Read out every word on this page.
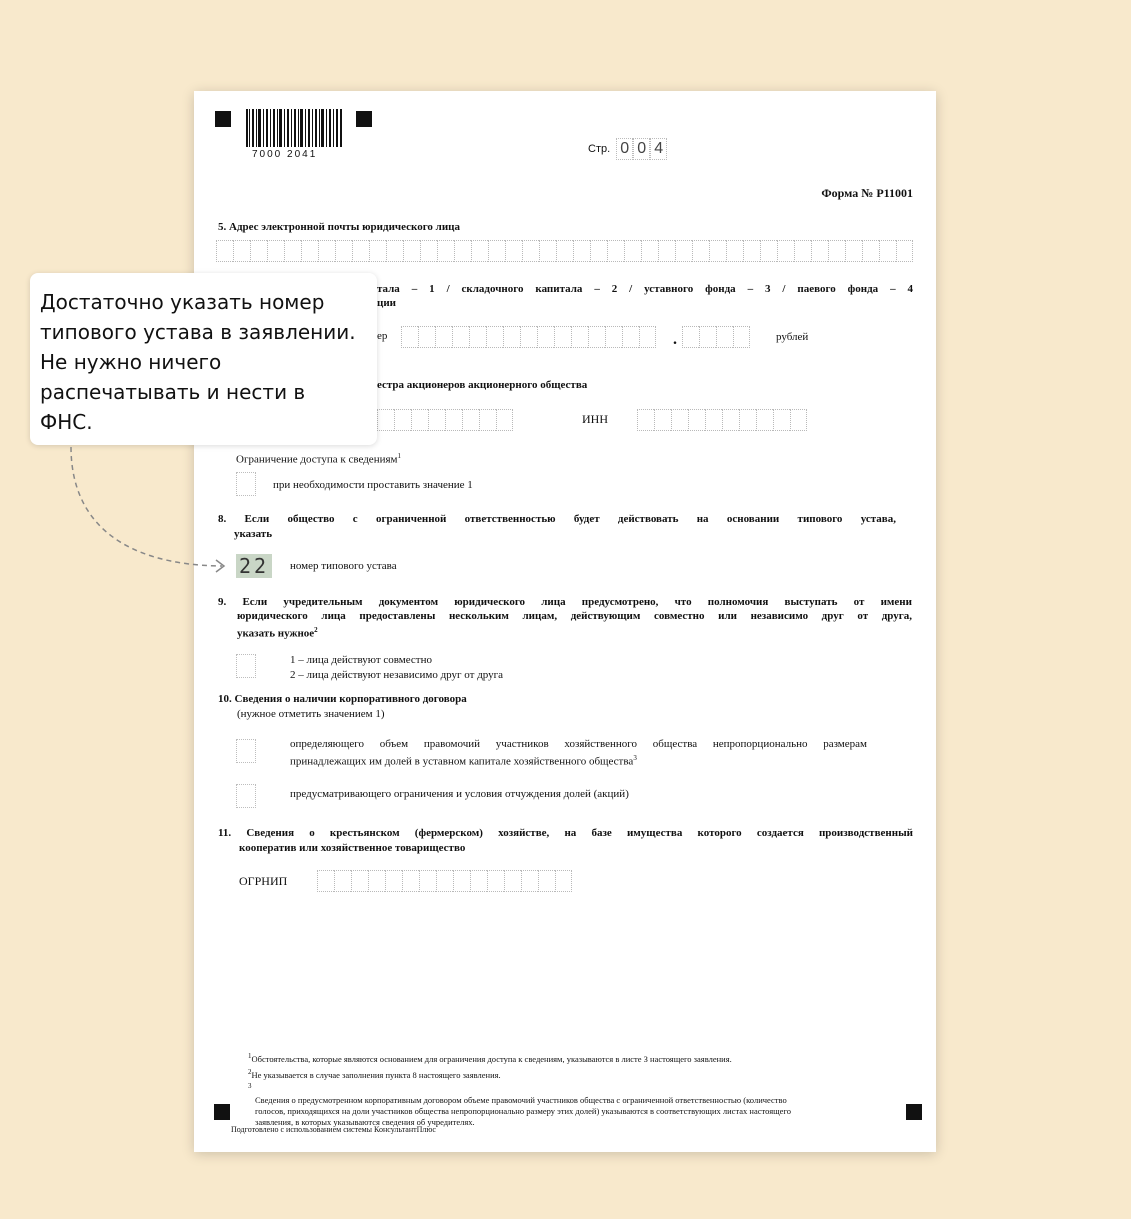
7000 2041	Стр. 0 0 4
Форма № Р11001
5. Адрес электронной почты юридического лица
тала – 1 / складочного капитала – 2 / уставного фонда – 3 / паевого фонда – 4
ции
ер	.	рублей
естра акционеров акционерного общества
ИНН
Ограничение доступа к сведениям$^1$
при необходимости проставить значение 1
8. Если общество с ограниченной ответственностью будет действовать на основании типового устава,
указать
22 номер типового устава
9. Если учредительным документом юридического лица предусмотрено, что полномочия выступать от имени
юридического лица предоставлены нескольким лицам, действующим совместно или независимо друг от друга,
указать нужное$^2$
1 – лица действуют совместно
2 – лица действуют независимо друг от друга
10. Сведения о наличии корпоративного договора
(нужное отметить значением 1)
определяющего объем правомочий участников хозяйственного общества непропорционально размерам
принадлежащих им долей в уставном капитале хозяйственного общества$^3$
предусматривающего ограничения и условия отчуждения долей (акций)
11. Сведения о крестьянском (фермерском) хозяйстве, на базе имущества которого создается производственный
кооператив или хозяйственное товарищество
ОГРНИП
$^1$Обстоятельства, которые являются основанием для ограничения доступа к сведениям, указываются в листе З настоящего заявления.
$^2$Не указывается в случае заполнения пункта 8 настоящего заявления.
$^3$
Сведения о предусмотренном корпоративным договором объеме правомочий участников общества с ограниченной ответственностью (количество
голосов, приходящихся на доли участников общества непропорционально размеру этих долей) указываются в соответствующих листах настоящего
заявления, в которых указываются сведения об учредителях.
Подготовлено с использованием системы КонсультантПлюс
Достаточно указать номер
типового устава в заявлении.
Не нужно ничего
распечатывать и нести в
ФНС.
